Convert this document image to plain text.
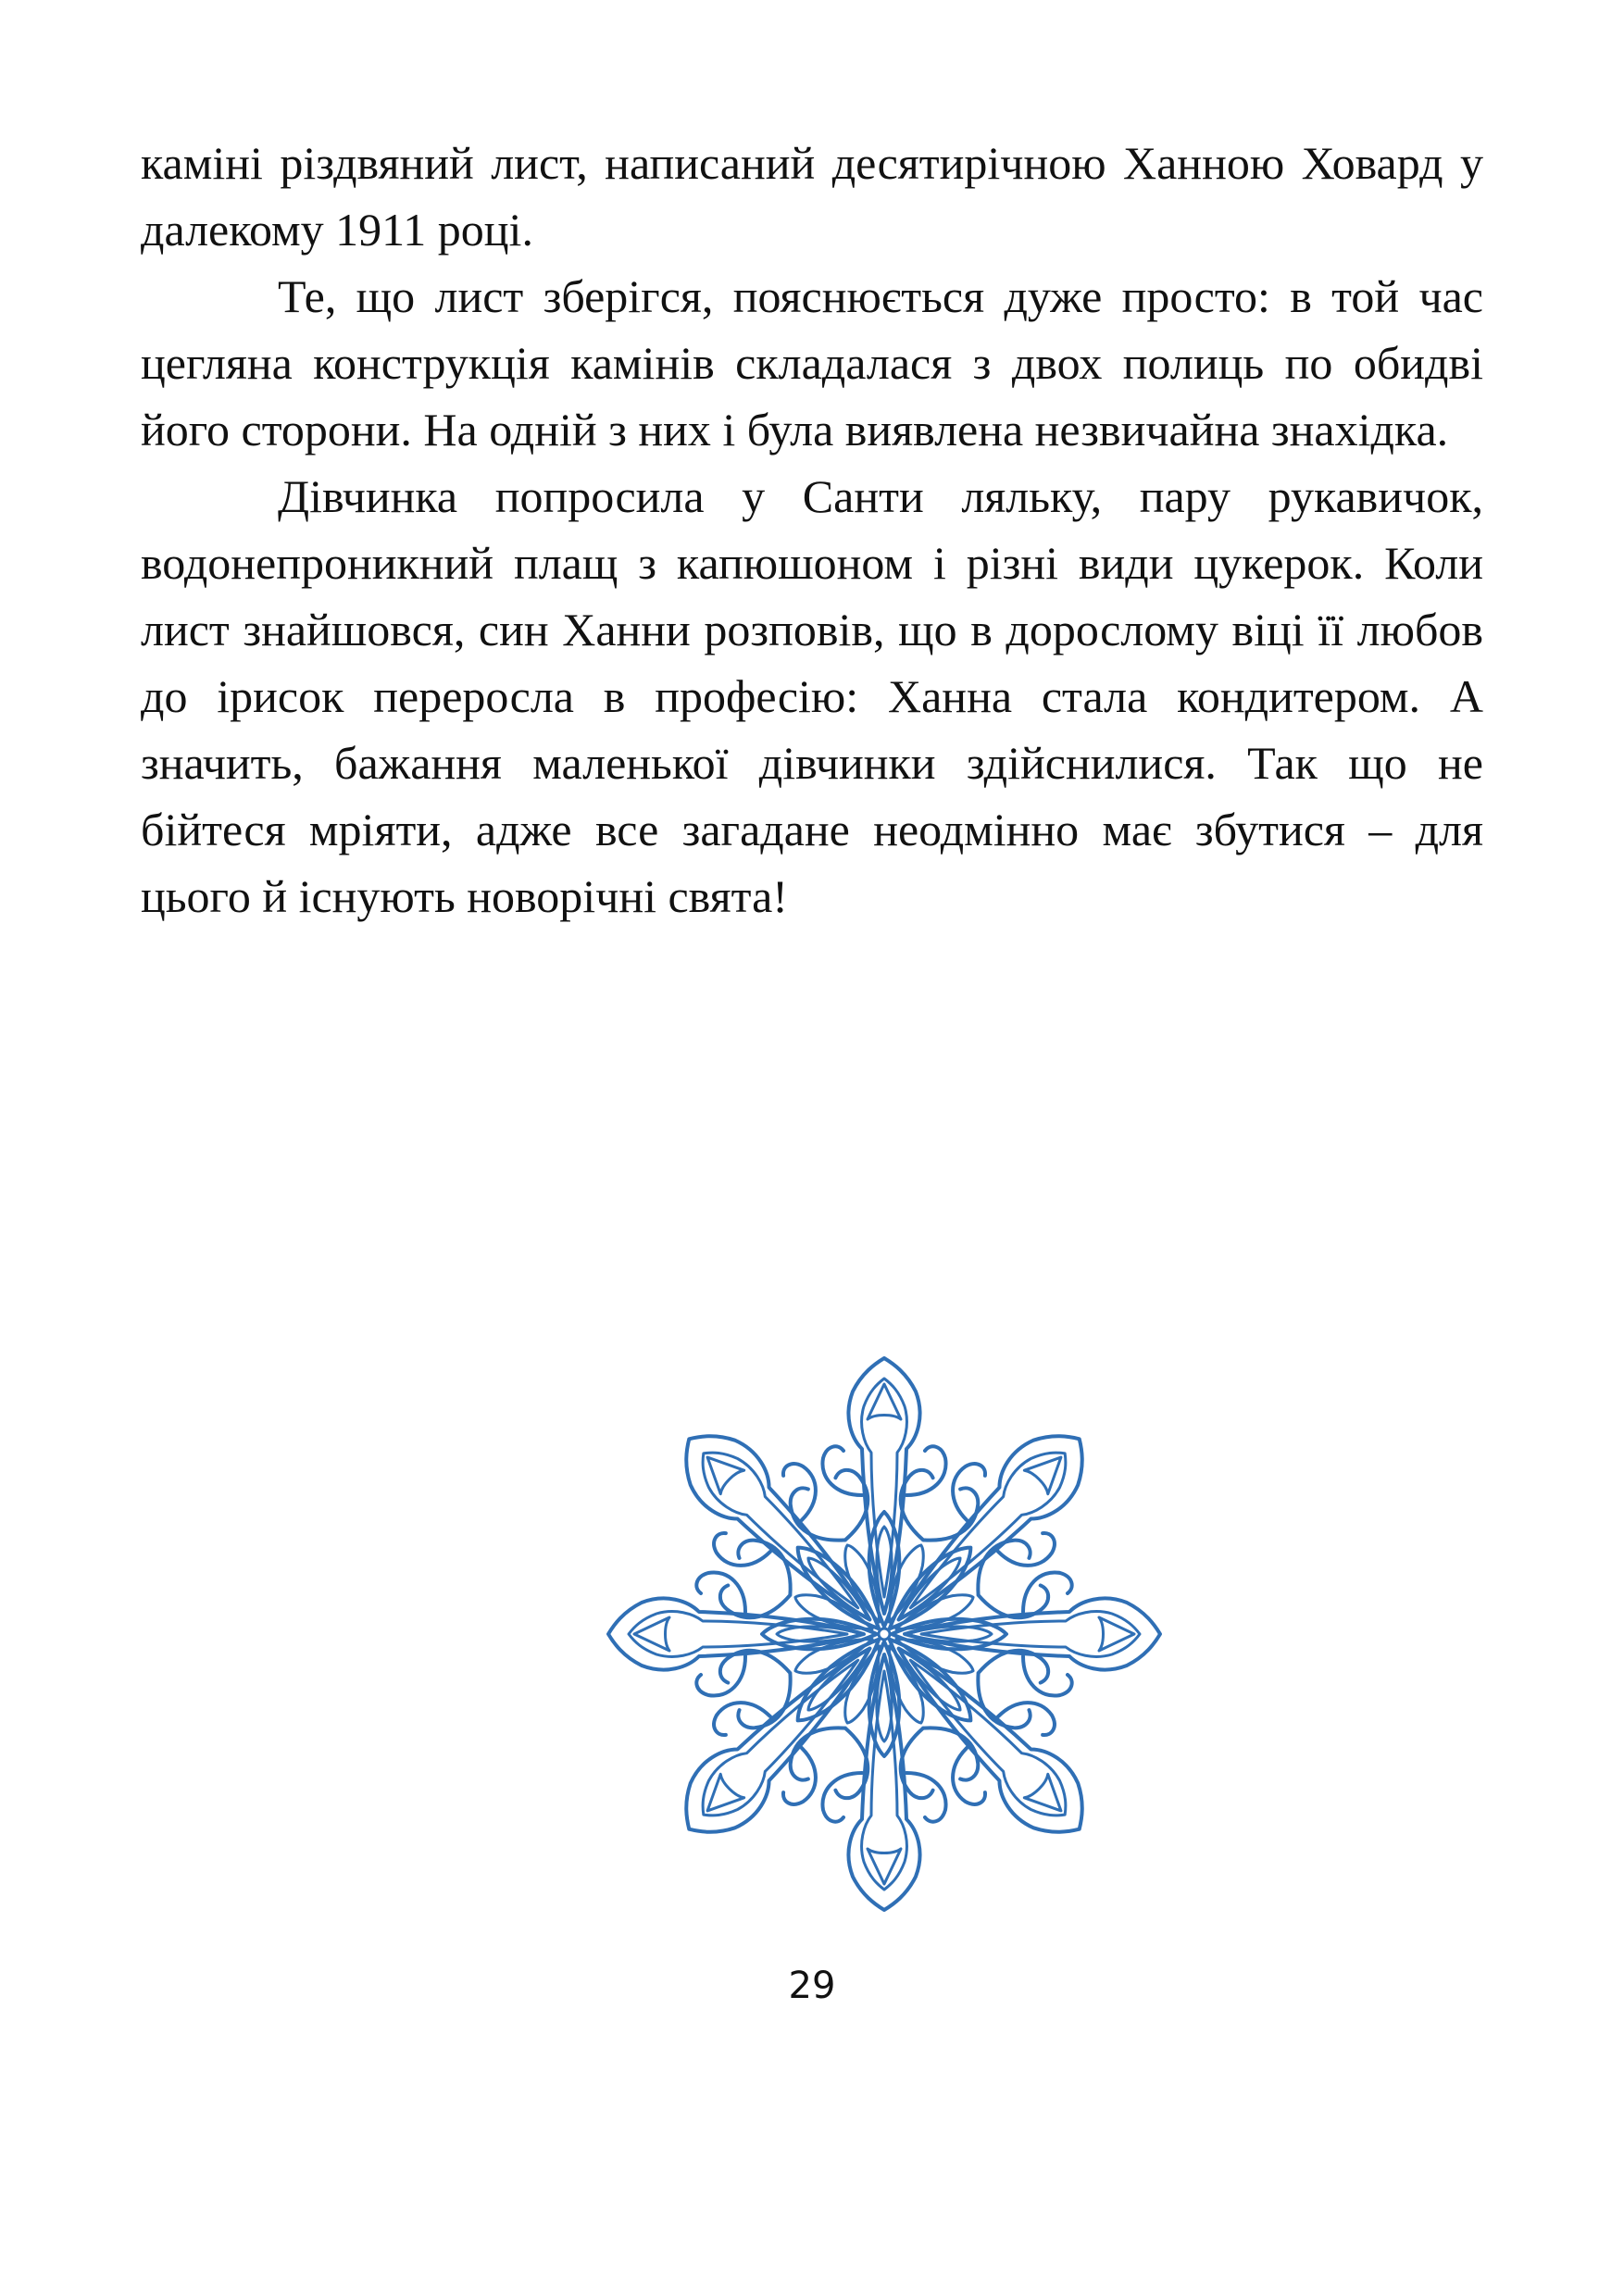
каміні різдвяний лист, написаний десятирічною Ханною Ховард у далекому 1911 році.

Те, що лист зберігся, пояснюється дуже просто: в той час цегляна конструкція камінів складалася з двох полиць по обидві його сторони. На одній з них і була виявлена незвичайна знахідка.

Дівчинка попросила у Санти ляльку, пару рукавичок, водонепроникний плащ з капюшоном і різні види цукерок. Коли лист знайшовся, син Ханни розповів, що в дорослому віці її любов до ірисок переросла в професію: Ханна стала кондитером. А значить, бажання маленької дівчинки здійснилися. Так що не бійтеся мріяти, адже все загадане неодмінно має збутися – для цього й існують новорічні свята!

29
